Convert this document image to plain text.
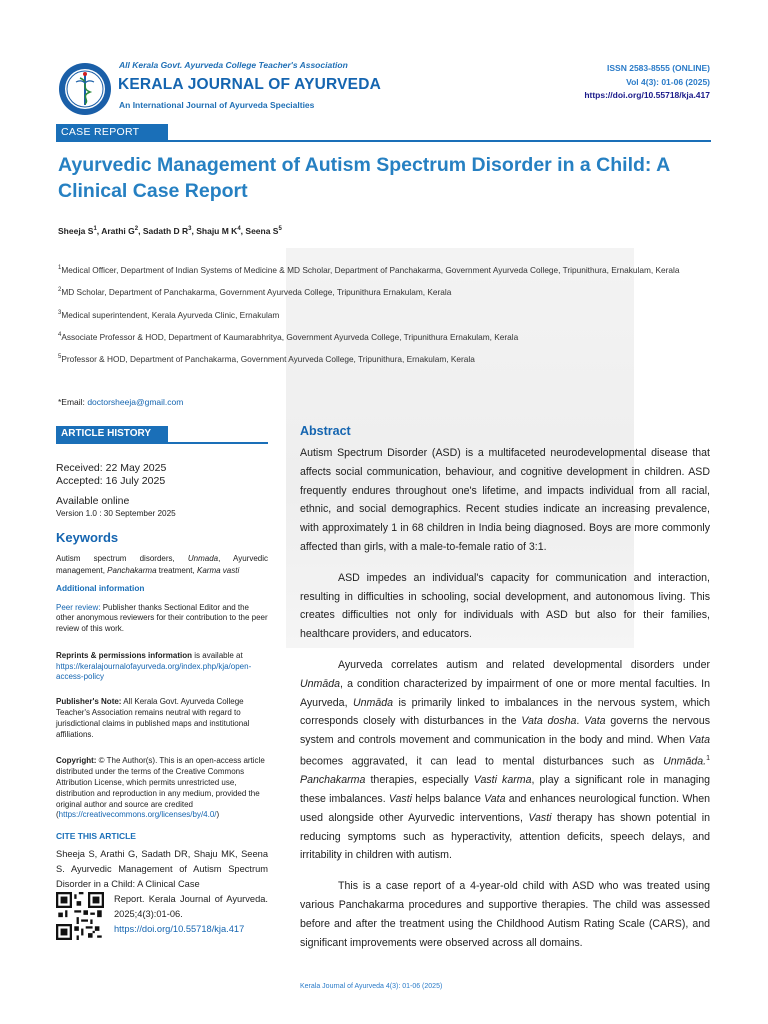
All Kerala Govt. Ayurveda College Teacher's Association
KERALA JOURNAL OF AYURVEDA
An International Journal of Ayurveda Specialties
ISSN 2583-8555 (ONLINE)
Vol 4(3): 01-06 (2025)
https://doi.org/10.55718/kja.417
CASE REPORT
Ayurvedic Management of Autism Spectrum Disorder in a Child: A Clinical Case Report
Sheeja $S^1$, Arathi $G^2$, Sadath D $R^3$, Shaju M $K^4$, Seena $S^5$

$^1$Medical Officer, Department of Indian Systems of Medicine & MD Scholar, Department of Panchakarma, Government Ayurveda College, Tripunithura, Ernakulam, Kerala

$^2$MD Scholar, Department of Panchakarma, Government Ayurveda College, Tripunithura Ernakulam, Kerala

$^3$Medical superintendent, Kerala Ayurveda Clinic, Ernakulam

$^4$Associate Professor & HOD, Department of Kaumarabhritya, Government Ayurveda College, Tripunithura Ernakulam, Kerala

$^5$Professor & HOD, Department of Panchakarma, Government Ayurveda College, Tripunithura, Ernakulam, Kerala

*Email: doctorsheeja@gmail.com
ARTICLE HISTORY
Received: 22 May 2025
Accepted: 16 July 2025
Available online
Version 1.0 : 30 September 2025
Keywords
Autism spectrum disorders, Unmada, Ayurvedic management, Panchakarma treatment, Karma vasti
Additional information
Peer review: Publisher thanks Sectional Editor and the other anonymous reviewers for their contribution to the peer review of this work.
Reprints & permissions information is available at https://keralajournalofayurveda.org/index.php/kja/open-access-policy
Publisher's Note: All Kerala Govt. Ayurveda College Teacher's Association remains neutral with regard to jurisdictional claims in published maps and institutional affiliations.
Copyright: © The Author(s). This is an open-access article distributed under the terms of the Creative Commons Attribution License, which permits unrestricted use, distribution and reproduction in any medium, provided the original author and source are credited (https://creativecommons.org/licenses/by/4.0/)
CITE THIS ARTICLE
Sheeja S, Arathi G, Sadath DR, Shaju MK, Seena S. Ayurvedic Management of Autism Spectrum Disorder in a Child: A Clinical Case
Report. Kerala Journal of Ayurveda. 2025;4(3):01-06. https://doi.org/10.55718/kja.417
Abstract

Autism Spectrum Disorder (ASD) is a multifaceted neurodevelopmental disease that affects social communication, behaviour, and cognitive development in children. ASD frequently endures throughout one's lifetime, and impacts individual from all racial, ethnic, and social demographics. Recent studies indicate an increasing prevalence, with approximately 1 in 68 children in India being diagnosed. Boys are more commonly affected than girls, with a male-to-female ratio of 3:1.

ASD impedes an individual's capacity for communication and interaction, resulting in difficulties in schooling, social development, and autonomous living. This creates difficulties not only for individuals with ASD but also for their families, healthcare providers, and educators.

Ayurveda correlates autism and related developmental disorders under Unmāda, a condition characterized by impairment of one or more mental faculties. In Ayurveda, Unmāda is primarily linked to imbalances in the nervous system, which corresponds closely with disturbances in the Vata dosha. Vata governs the nervous system and controls movement and communication in the body and mind. When Vata becomes aggravated, it can lead to mental disturbances such as Unmāda.$^1$ Panchakarma therapies, especially Vasti karma, play a significant role in managing these imbalances. Vasti helps balance Vata and enhances neurological function. When used alongside other Ayurvedic interventions, Vasti therapy has shown potential in reducing symptoms such as hyperactivity, attention deficits, speech delays, and irritability in children with autism.

This is a case report of a 4-year-old child with ASD who was treated using various Panchakarma procedures and supportive therapies. The child was assessed before and after the treatment using the Childhood Autism Rating Scale (CARS), and significant improvements were observed across all domains.

Kerala Journal of Ayurveda 4(3): 01-06 (2025)
